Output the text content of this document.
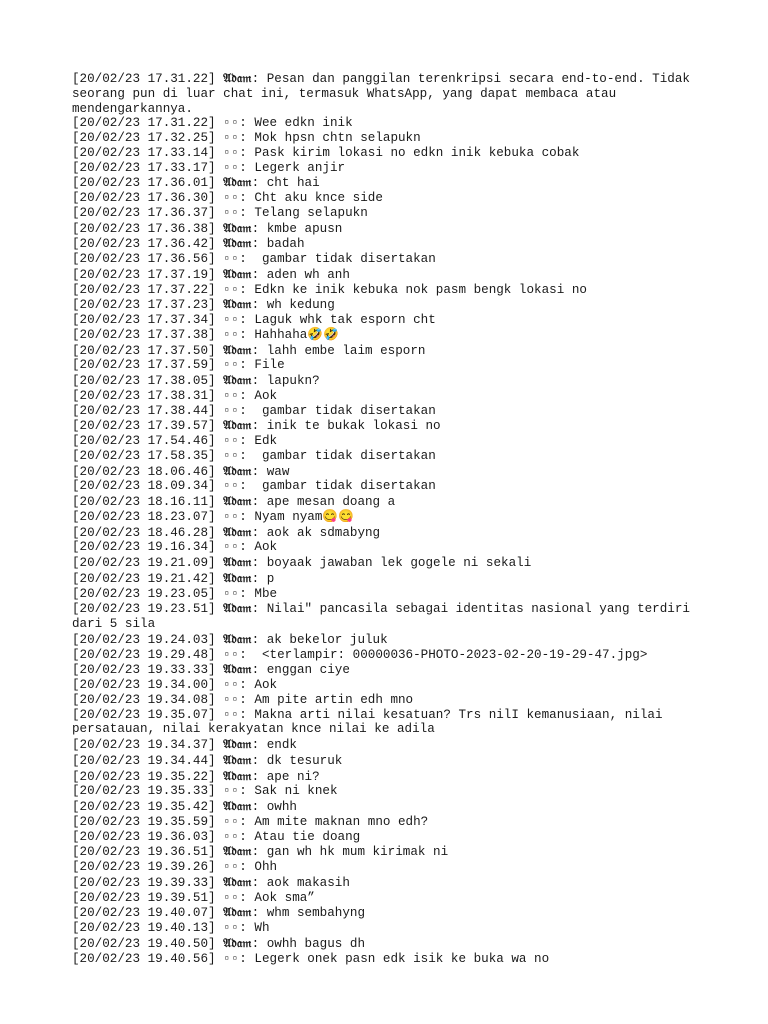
[20/02/23 17.31.22] 𝔄𝔡𝔞𝔪: Pesan dan panggilan terenkripsi secara end-to-end. Tidak seorang pun di luar chat ini, termasuk WhatsApp, yang dapat membaca atau mendengarkannya.
[20/02/23 17.31.22] ▫▫: Wee edkn inik
[20/02/23 17.32.25] ▫▫: Mok hpsn chtn selapukn
[20/02/23 17.33.14] ▫▫: Pask kirim lokasi no edkn inik kebuka cobak
[20/02/23 17.33.17] ▫▫: Legerk anjir
[20/02/23 17.36.01] 𝔄𝔡𝔞𝔪: cht hai
[20/02/23 17.36.30] ▫▫: Cht aku knce side
[20/02/23 17.36.37] ▫▫: Telang selapukn
[20/02/23 17.36.38] 𝔄𝔡𝔞𝔪: kmbe apusn
[20/02/23 17.36.42] 𝔄𝔡𝔞𝔪: badah
[20/02/23 17.36.56] ▫▫:  gambar tidak disertakan
[20/02/23 17.37.19] 𝔄𝔡𝔞𝔪: aden wh anh
[20/02/23 17.37.22] ▫▫: Edkn ke inik kebuka nok pasm bengk lokasi no
[20/02/23 17.37.23] 𝔄𝔡𝔞𝔪: wh kedung
[20/02/23 17.37.34] ▫▫: Laguk whk tak esporn cht
[20/02/23 17.37.38] ▫▫: Hahhaha🤣🤣
[20/02/23 17.37.50] 𝔄𝔡𝔞𝔪: lahh embe laim esporn
[20/02/23 17.37.59] ▫▫: File
[20/02/23 17.38.05] 𝔄𝔡𝔞𝔪: lapukn?
[20/02/23 17.38.31] ▫▫: Aok
[20/02/23 17.38.44] ▫▫:  gambar tidak disertakan
[20/02/23 17.39.57] 𝔄𝔡𝔞𝔪: inik te bukak lokasi no
[20/02/23 17.54.46] ▫▫: Edk
[20/02/23 17.58.35] ▫▫:  gambar tidak disertakan
[20/02/23 18.06.46] 𝔄𝔡𝔞𝔪: waw
[20/02/23 18.09.34] ▫▫:  gambar tidak disertakan
[20/02/23 18.16.11] 𝔄𝔡𝔞𝔪: ape mesan doang a
[20/02/23 18.23.07] ▫▫: Nyam nyam😋😋
[20/02/23 18.46.28] 𝔄𝔡𝔞𝔪: aok ak sdmabyng
[20/02/23 19.16.34] ▫▫: Aok
[20/02/23 19.21.09] 𝔄𝔡𝔞𝔪: boyaak jawaban lek gogele ni sekali
[20/02/23 19.21.42] 𝔄𝔡𝔞𝔪: p
[20/02/23 19.23.05] ▫▫: Mbe
[20/02/23 19.23.51] 𝔄𝔡𝔞𝔪: Nilai" pancasila sebagai identitas nasional yang terdiri dari 5 sila
[20/02/23 19.24.03] 𝔄𝔡𝔞𝔪: ak bekelor juluk
[20/02/23 19.29.48] ▫▫:  <terlampir: 00000036-PHOTO-2023-02-20-19-29-47.jpg>
[20/02/23 19.33.33] 𝔄𝔡𝔞𝔪: enggan ciye
[20/02/23 19.34.00] ▫▫: Aok
[20/02/23 19.34.08] ▫▫: Am pite artin edh mno
[20/02/23 19.35.07] ▫▫: Makna arti nilai kesatuan? Trs nilI kemanusiaan, nilai persatauan, nilai kerakyatan knce nilai ke adila
[20/02/23 19.34.37] 𝔄𝔡𝔞𝔪: endk
[20/02/23 19.34.44] 𝔄𝔡𝔞𝔪: dk tesuruk
[20/02/23 19.35.22] 𝔄𝔡𝔞𝔪: ape ni?
[20/02/23 19.35.33] ▫▫: Sak ni knek
[20/02/23 19.35.42] 𝔄𝔡𝔞𝔪: owhh
[20/02/23 19.35.59] ▫▫: Am mite maknan mno edh?
[20/02/23 19.36.03] ▫▫: Atau tie doang
[20/02/23 19.36.51] 𝔄𝔡𝔞𝔪: gan wh hk mum kirimak ni
[20/02/23 19.39.26] ▫▫: Ohh
[20/02/23 19.39.33] 𝔄𝔡𝔞𝔪: aok makasih
[20/02/23 19.39.51] ▫▫: Aok sma”
[20/02/23 19.40.07] 𝔄𝔡𝔞𝔪: whm sembahyng
[20/02/23 19.40.13] ▫▫: Wh
[20/02/23 19.40.50] 𝔄𝔡𝔞𝔪: owhh bagus dh
[20/02/23 19.40.56] ▫▫: Legerk onek pasn edk isik ke buka wa no
